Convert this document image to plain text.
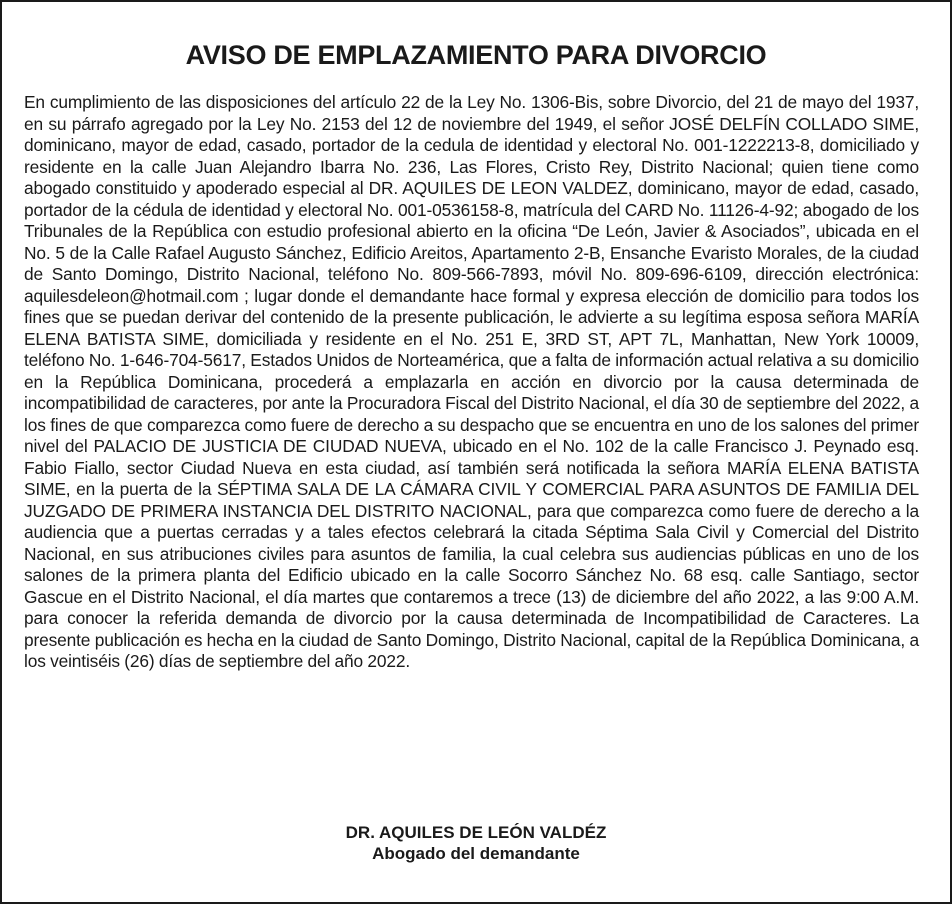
AVISO DE EMPLAZAMIENTO PARA DIVORCIO

En cumplimiento de las disposiciones del artículo 22 de la Ley No. 1306-Bis, sobre Divorcio, del 21 de mayo del 1937, en su párrafo agregado por la Ley No. 2153 del 12 de noviembre del 1949, el señor JOSÉ DELFÍN COLLADO SIME, dominicano, mayor de edad, casado, portador de la cedula de identidad y electoral No. 001-1222213-8, domiciliado y residente en la calle Juan Alejandro Ibarra No. 236, Las Flores, Cristo Rey, Distrito Nacional; quien tiene como abogado constituido y apoderado especial al DR. AQUILES DE LEON VALDEZ, dominicano, mayor de edad, casado, portador de la cédula de identidad y electoral No. 001-0536158-8, matrícula del CARD No. 11126-4-92; abogado de los Tribunales de la República con estudio profesional abierto en la oficina “De León, Javier & Asociados”, ubicada en el No. 5 de la Calle Rafael Augusto Sánchez, Edificio Areitos, Apartamento 2-B, Ensanche Evaristo Morales, de la ciudad de Santo Domingo, Distrito Nacional, teléfono No. 809-566-7893, móvil No. 809-696-6109, dirección electrónica: aquilesdeleon@hotmail.com ; lugar donde el demandante hace formal y expresa elección de domicilio para todos los fines que se puedan derivar del contenido de la presente publicación, le advierte a su legítima esposa señora MARÍA ELENA BATISTA SIME, domiciliada y residente en el No. 251 E, 3RD ST, APT 7L, Manhattan, New York 10009, teléfono No. 1-646-704-5617, Estados Unidos de Norteamérica, que a falta de información actual relativa a su domicilio en la República Dominicana, procederá a emplazarla en acción en divorcio por la causa determinada de incompatibilidad de caracteres, por ante la Procuradora Fiscal del Distrito Nacional, el día 30 de septiembre del 2022, a los fines de que comparezca como fuere de derecho a su despacho que se encuentra en uno de los salones del primer nivel del PALACIO DE JUSTICIA DE CIUDAD NUEVA, ubicado en el No. 102 de la calle Francisco J. Peynado esq. Fabio Fiallo, sector Ciudad Nueva en esta ciudad, así también será notificada la señora MARÍA ELENA BATISTA SIME, en la puerta de la SÉPTIMA SALA DE LA CÁMARA CIVIL Y COMERCIAL PARA ASUNTOS DE FAMILIA DEL JUZGADO DE PRIMERA INSTANCIA DEL DISTRITO NACIONAL, para que comparezca como fuere de derecho a la audiencia que a puertas cerradas y a tales efectos celebrará la citada Séptima Sala Civil y Comercial del Distrito Nacional, en sus atribuciones civiles para asuntos de familia, la cual celebra sus audiencias públicas en uno de los salones de la primera planta del Edificio ubicado en la calle Socorro Sánchez No. 68 esq. calle Santiago, sector Gascue en el Distrito Nacional, el día martes que contaremos a trece (13) de diciembre del año 2022, a las 9:00 A.M. para conocer la referida demanda de divorcio por la causa determinada de Incompatibilidad de Caracteres. La presente publicación es hecha en la ciudad de Santo Domingo, Distrito Nacional, capital de la República Dominicana, a los veintiséis (26) días de septiembre del año 2022.

DR. AQUILES DE LEÓN VALDÉZ
Abogado del demandante
